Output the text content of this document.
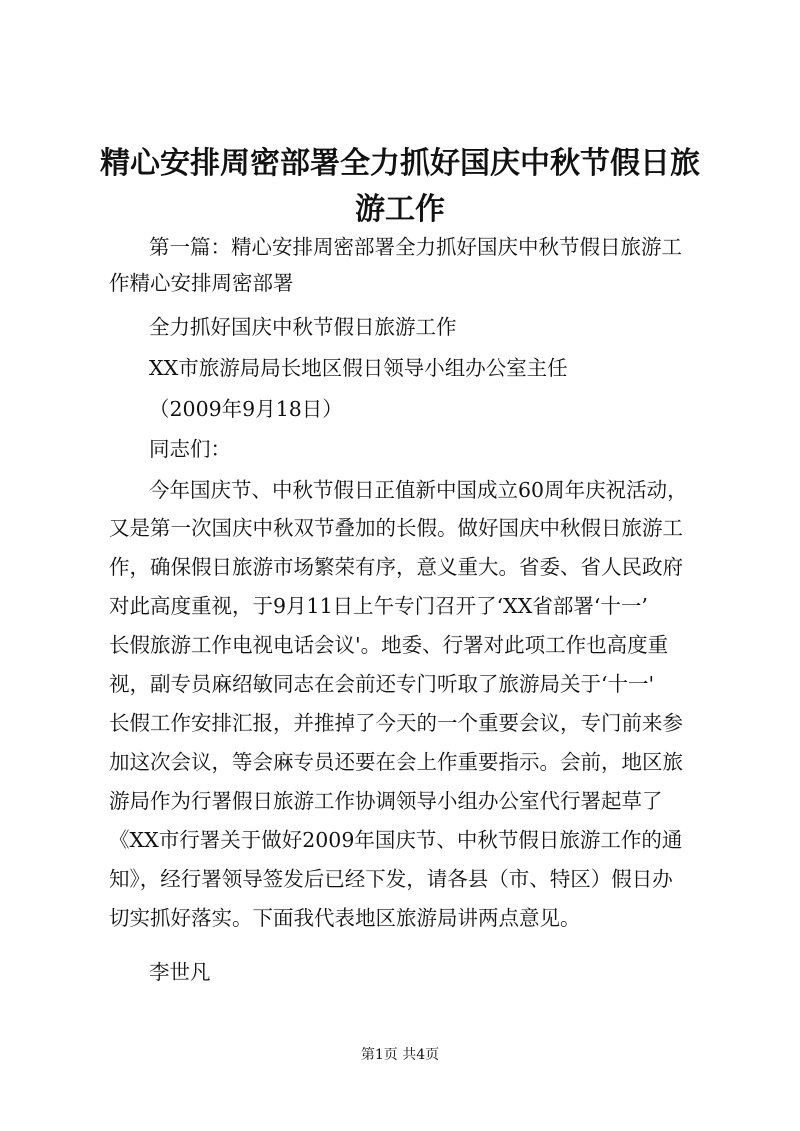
精心安排周密部署全力抓好国庆中秋节假日旅
游工作

第一篇：精心安排周密部署全力抓好国庆中秋节假日旅游工

作精心安排周密部署

全力抓好国庆中秋节假日旅游工作

XX市旅游局局长地区假日领导小组办公室主任

（2009年9月18日）

同志们：

今年国庆节、中秋节假日正值新中国成立60周年庆祝活动，

又是第一次国庆中秋双节叠加的长假。做好国庆中秋假日旅游工

作，确保假日旅游市场繁荣有序，意义重大。省委、省人民政府

对此高度重视，于9月11日上午专门召开了‘XX省部署‘十一’

长假旅游工作电视电话会议'。地委、行署对此项工作也高度重

视，副专员麻绍敏同志在会前还专门听取了旅游局关于‘十一'

长假工作安排汇报，并推掉了今天的一个重要会议，专门前来参

加这次会议，等会麻专员还要在会上作重要指示。会前，地区旅

游局作为行署假日旅游工作协调领导小组办公室代行署起草了

《XX市行署关于做好2009年国庆节、中秋节假日旅游工作的通

知》，经行署领导签发后已经下发，请各县（市、特区）假日办

切实抓好落实。下面我代表地区旅游局讲两点意见。

李世凡

第1页 共4页
